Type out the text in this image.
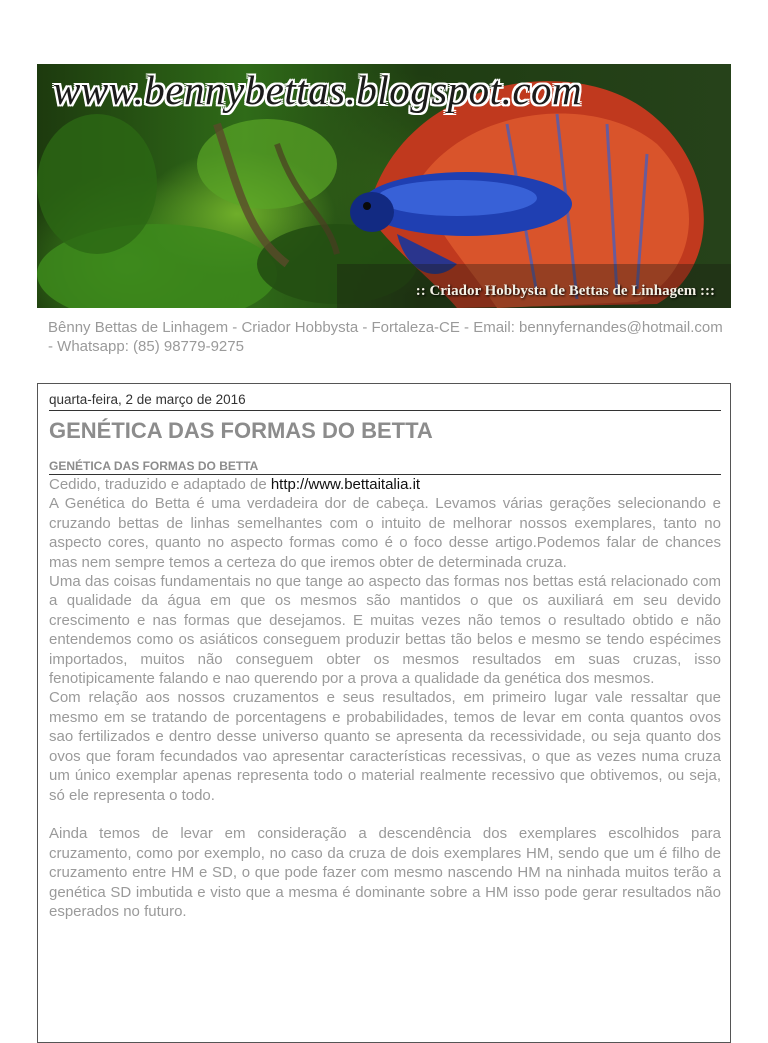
www.bennybettas.blogspot.com
:: Criador Hobbysta de Bettas de Linhagem :::
Bênny Bettas de Linhagem - Criador Hobbysta - Fortaleza-CE - Email: bennyfernandes@hotmail.com - Whatsapp: (85) 98779-9275
quarta-feira, 2 de março de 2016
GENÉTICA DAS FORMAS DO BETTA
GENÉTICA DAS FORMAS DO BETTA

Cedido, traduzido e adaptado de http://www.bettaitalia.it

A Genética do Betta é uma verdadeira dor de cabeça. Levamos várias gerações selecionando e cruzando bettas de linhas semelhantes com o intuito de melhorar nossos exemplares, tanto no aspecto cores, quanto no aspecto formas como é o foco desse artigo.Podemos falar de chances mas nem sempre temos a certeza do que iremos obter de determinada cruza.

Uma das coisas fundamentais no que tange ao aspecto das formas nos bettas está relacionado com a qualidade da água em que os mesmos são mantidos o que os auxiliará em seu devido crescimento e nas formas que desejamos. E muitas vezes não temos o resultado obtido e não entendemos como os asiáticos conseguem produzir bettas tão belos e mesmo se tendo espécimes importados, muitos não conseguem obter os mesmos resultados em suas cruzas, isso fenotipicamente falando e nao querendo por a prova a qualidade da genética dos mesmos.

Com relação aos nossos cruzamentos e seus resultados, em primeiro lugar vale ressaltar que mesmo em se tratando de porcentagens e probabilidades, temos de levar em conta quantos ovos sao fertilizados e dentro desse universo quanto se apresenta da recessividade, ou seja quanto dos ovos que foram fecundados vao apresentar características recessivas, o que as vezes numa cruza um único exemplar apenas representa todo o material realmente recessivo que obtivemos, ou seja, só ele representa o todo.

Ainda temos de levar em consideração a descendência dos exemplares escolhidos para cruzamento, como por exemplo, no caso da cruza de dois exemplares HM, sendo que um é filho de cruzamento entre HM e SD, o que pode fazer com mesmo nascendo HM na ninhada muitos terão a genética SD imbutida e visto que a mesma é dominante sobre a HM isso pode gerar resultados não esperados no futuro.
